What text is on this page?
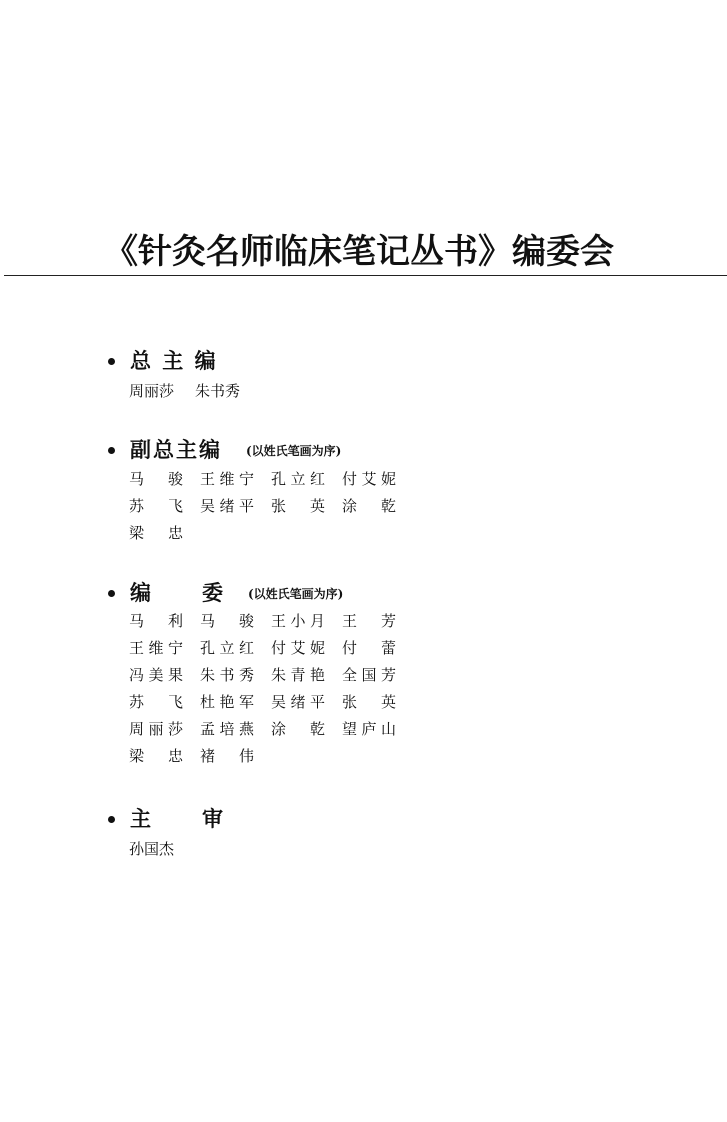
《针灸名师临床笔记丛书》编委会
总 主 编
周丽莎 朱书秀
副总主编 (以姓氏笔画为序)
马 骏 王维宁 孔立红 付艾妮
苏 飞 吴绪平 张 英 涂 乾
梁 忠
编 委 (以姓氏笔画为序)
马 利 马 骏 王小月 王 芳
王维宁 孔立红 付艾妮 付 蕾
冯美果 朱书秀 朱青艳 全国芳
苏 飞 杜艳军 吴绪平 张 英
周丽莎 孟培燕 涂 乾 望庐山
梁 忠 褚 伟
主 审
孙国杰
